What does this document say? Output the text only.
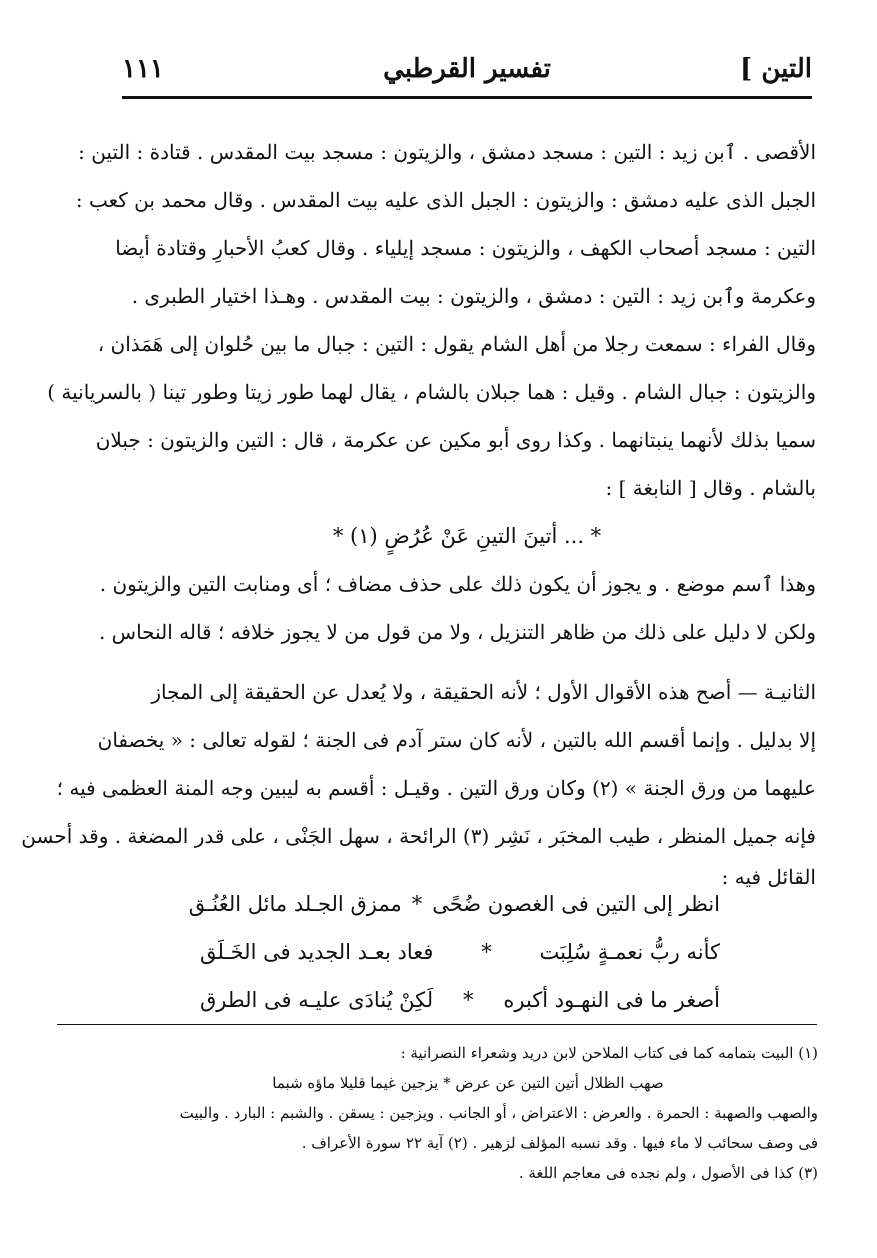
التين ]
تفسير القرطبي
١١١
الأقصى . ٱبن زيد : التين : مسجد دمشق ، والزيتون : مسجد بيت المقدس . قتادة : التين :
الجبل الذى عليه دمشق : والزيتون : الجبل الذى عليه بيت المقدس . وقال محمد بن كعب :
التين : مسجد أصحاب الكهف ، والزيتون : مسجد إيلياء . وقال كعبُ الأحبارِ وقتادة أيضا
وعكرمة وٱبن زيد : التين : دمشق ، والزيتون : بيت المقدس . وهـذا اختيار الطبرى .
وقال الفراء : سمعت رجلا من أهل الشام يقول : التين : جبال ما بين حُلوان إلى هَمَذان ،
والزيتون : جبال الشام . وقيل : هما جبلان بالشام ، يقال لهما طور زيتا وطور تينا ( بالسريانية )
سميا بذلك لأنهما ينبتانهما . وكذا روى أبو مكين عن عكرمة ، قال : التين والزيتون : جبلان
بالشام . وقال [ النابغة ] :
* ... أتينَ التينِ عَنْ عُرُضٍ (١) *
وهذا ٱسم موضع . و يجوز أن يكون ذلك على حذف مضاف ؛ أى ومنابت التين والزيتون .
ولكن لا دليل على ذلك من ظاهر التنزيل ، ولا من قول من لا يجوز خلافه ؛ قاله النحاس .
الثانيـة — أصح هذه الأقوال الأول ؛ لأنه الحقيقة ، ولا يُعدل عن الحقيقة إلى المجاز
إلا بدليل . وإنما أقسم الله بالتين ، لأنه كان ستر آدم فى الجنة ؛ لقوله تعالى : « يخصفان
عليهما من ورق الجنة » (٢) وكان ورق التين . وقيـل : أقسم به ليبين وجه المنة العظمى فيه ؛
فإنه جميل المنظر ، طيب المخبَر ، نَشِر (٣) الرائحة ، سهل الجَنْى ، على قدر المضغة . وقد أحسن
القائل فيه :
انظر إلى التين فى الغصون ضُحًى
*
ممزق الجـلد مائل العُنُـق
كأنه ربُّ نعمـةٍ سُلِبَت
*
فعاد بعـد الجديد فى الخَـلَق
أصغر ما فى النهـود أكبره
*
لَكِنْ يُنادَى عليـه فى الطرق
(١) البيت بتمامه كما فى كتاب الملاحن لابن دريد وشعراء النصرانية :
صهب الظلال أتين التين عن عرض * يزجين غيما قليلا ماؤه شبما
والصهب والصهبة : الحمرة . والعرض : الاعتراض ، أو الجانب . ويزجين : يسقن . والشبم : البارد . والبيت
فى وصف سحائب لا ماء فيها . وقد نسبه المؤلف لزهير . (٢) آية ٢٢ سورة الأعراف .
(٣) كذا فى الأصول ، ولم نجده فى معاجم اللغة .
